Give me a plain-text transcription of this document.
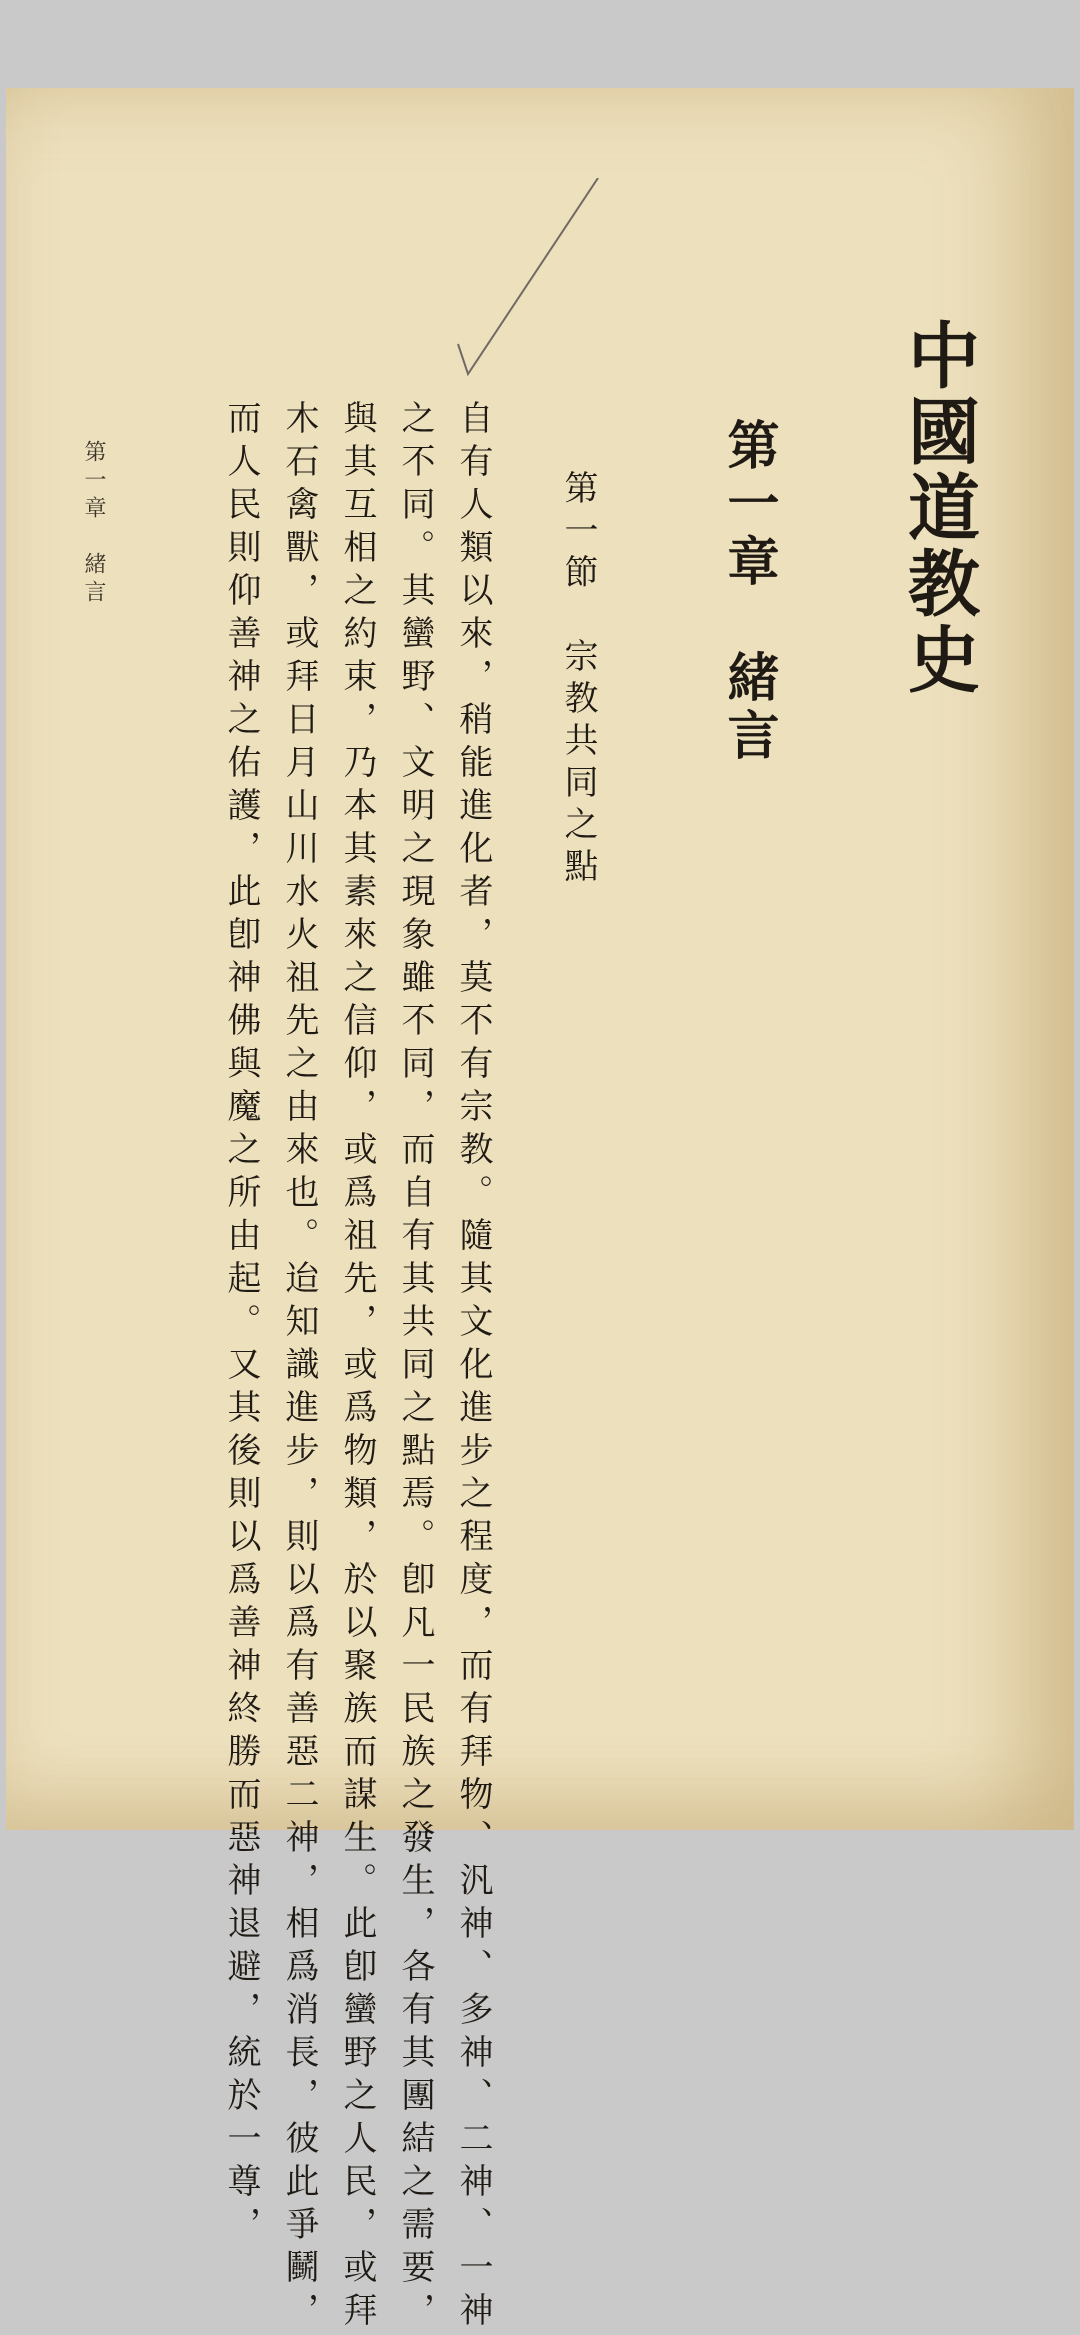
中國道教史
第一章　緒言
第一節　宗教共同之點
自有人類以來，稍能進化者，莫不有宗教。隨其文化進步之程度，而有拜物、汎神、多神、二神、一神
之不同。其蠻野、文明之現象雖不同，而自有其共同之點焉。卽凡一民族之發生，各有其團結之需要，
與其互相之約束，乃本其素來之信仰，或爲祖先，或爲物類，於以聚族而謀生。此卽蠻野之人民，或拜
木石禽獸，或拜日月山川水火祖先之由來也。迨知識進步，則以爲有善惡二神，相爲消長，彼此爭鬭，
而人民則仰善神之佑護，此卽神佛與魔之所由起。又其後則以爲善神終勝而惡神退避，統於一尊，
第一章　緒言
